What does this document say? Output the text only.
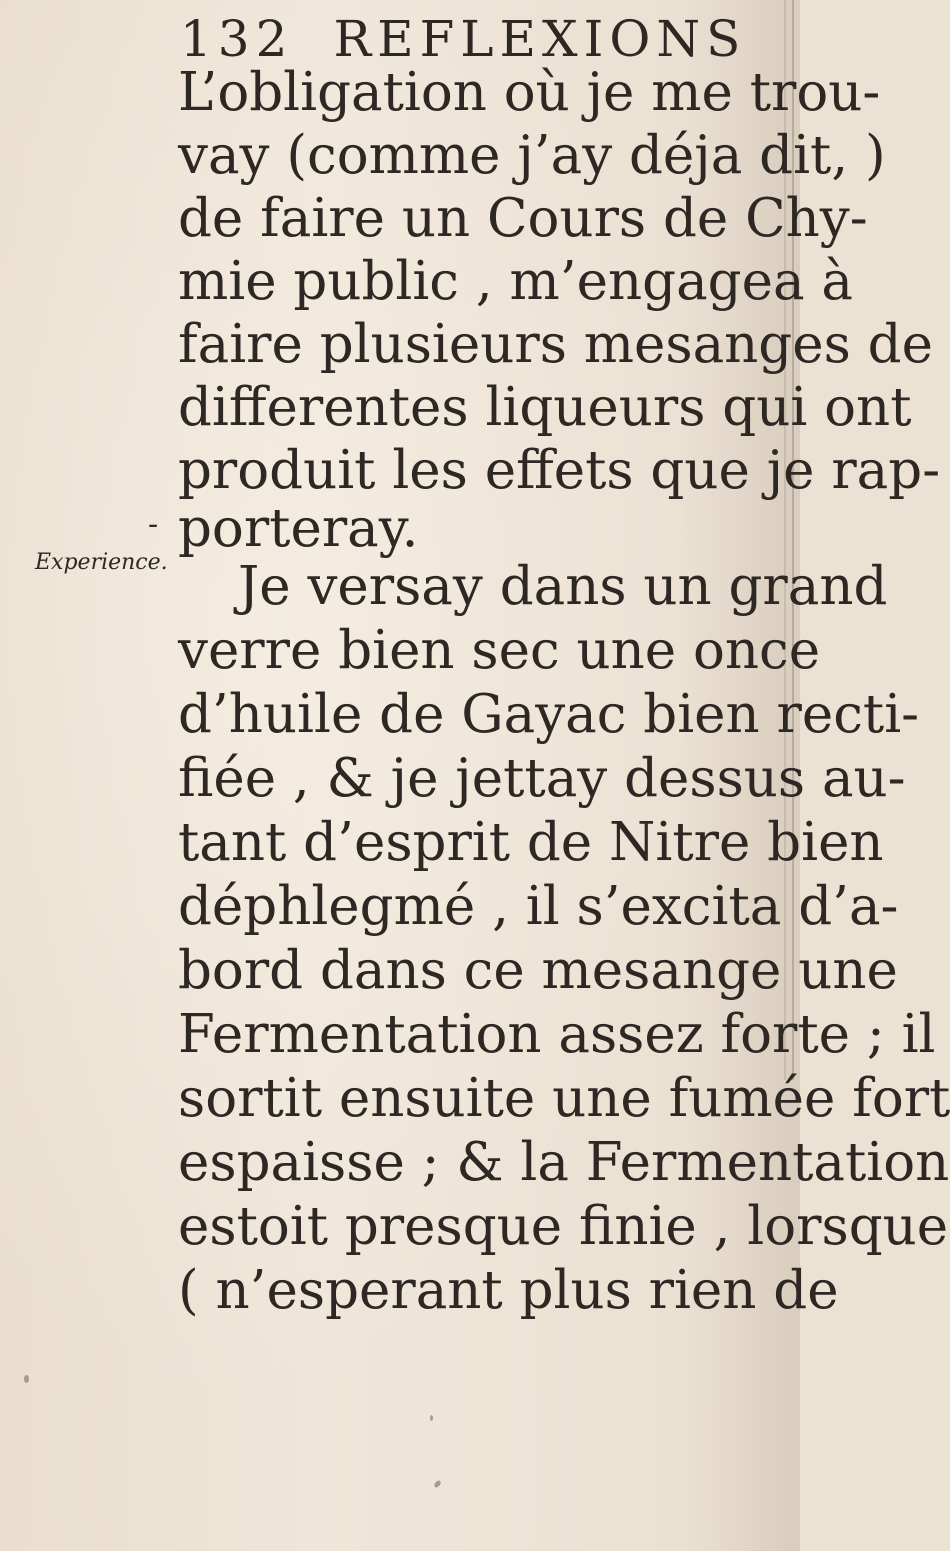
132 REFLEXIONS

Experience.

-

L’obligation où je me trou-

vay (comme j’ay déja dit, )

de faire un Cours de Chy-

mie public , m’engagea à

faire plusieurs mesanges de

differentes liqueurs qui ont

produit les effets que je rap-

porteray.

Je versay dans un grand

verre bien sec une once

d’huile de Gayac bien recti-

fiée , & je jettay dessus au-

tant d’esprit de Nitre bien

déphlegmé , il s’excita d’a-

bord dans ce mesange une

Fermentation assez forte ; il

sortit ensuite une fumée fort

espaisse ; & la Fermentation

estoit presque finie , lorsque

( n’esperant plus rien de
